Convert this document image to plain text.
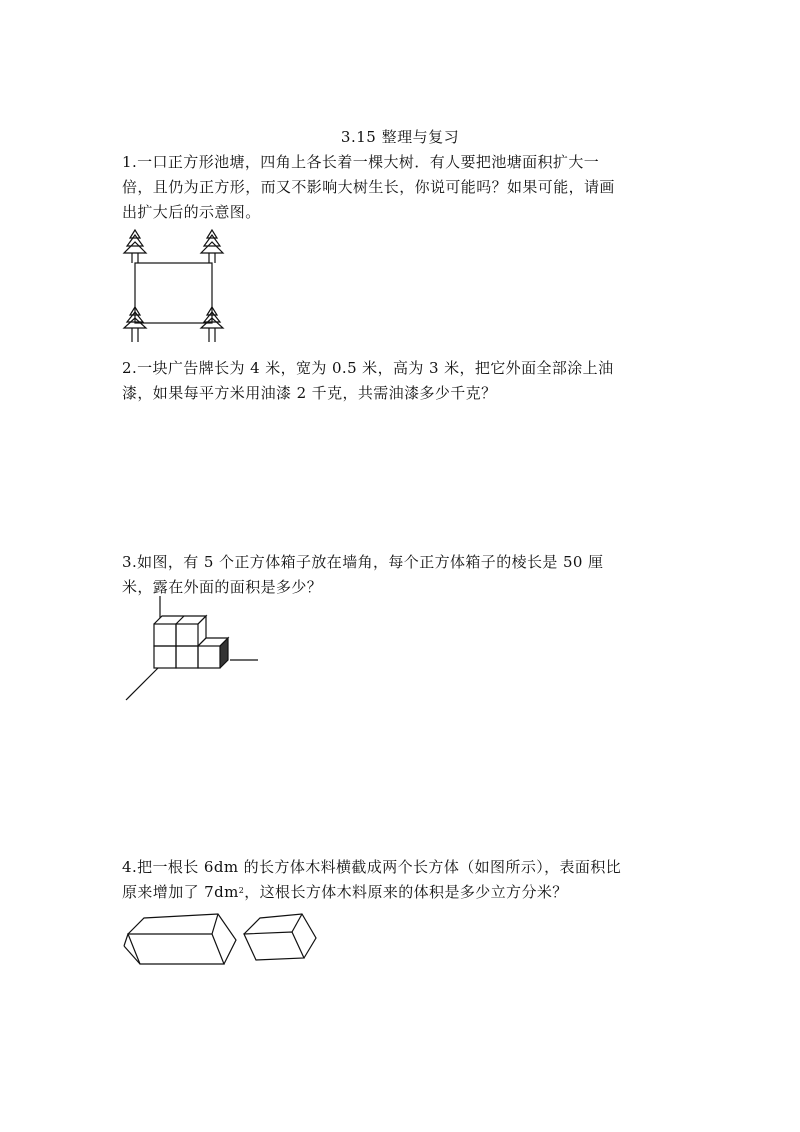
3.15 整理与复习

1.一口正方形池塘，四角上各长着一棵大树．有人要把池塘面积扩大一

倍，且仍为正方形，而又不影响大树生长，你说可能吗？如果可能，请画

出扩大后的示意图。

2.一块广告牌长为 4 米，宽为 0.5 米，高为 3 米，把它外面全部涂上油

漆，如果每平方米用油漆 2 千克，共需油漆多少千克？

3.如图，有 5 个正方体箱子放在墙角，每个正方体箱子的棱长是 50 厘

米，露在外面的面积是多少？

4.把一根长 6dm 的长方体木料横截成两个长方体（如图所示），表面积比

原来增加了 $7dm^2$，这根长方体木料原来的体积是多少立方分米？
